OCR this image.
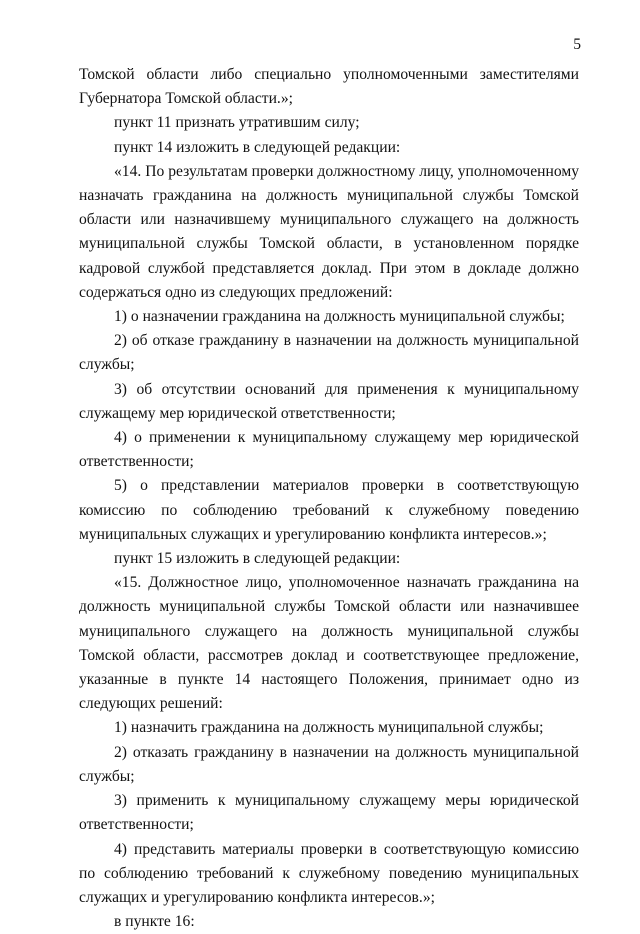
5

Томской области либо специально уполномоченными заместителями Губернатора Томской области.»;

пункт 11 признать утратившим силу;

пункт 14 изложить в следующей редакции:

«14. По результатам проверки должностному лицу, уполномоченному назначать гражданина на должность муниципальной службы Томской области или назначившему муниципального служащего на должность муниципальной службы Томской области, в установленном порядке кадровой службой представляется доклад. При этом в докладе должно содержаться одно из следующих предложений:

1) о назначении гражданина на должность муниципальной службы;

2) об отказе гражданину в назначении на должность муниципальной службы;

3) об отсутствии оснований для применения к муниципальному служащему мер юридической ответственности;

4) о применении к муниципальному служащему мер юридической ответственности;

5) о представлении материалов проверки в соответствующую комиссию по соблюдению требований к служебному поведению муниципальных служащих и урегулированию конфликта интересов.»;

пункт 15 изложить в следующей редакции:

«15. Должностное лицо, уполномоченное назначать гражданина на должность муниципальной службы Томской области или назначившее муниципального служащего на должность муниципальной службы Томской области, рассмотрев доклад и соответствующее предложение, указанные в пункте 14 настоящего Положения, принимает одно из следующих решений:

1) назначить гражданина на должность муниципальной службы;

2) отказать гражданину в назначении на должность муниципальной службы;

3) применить к муниципальному служащему меры юридической ответственности;

4) представить материалы проверки в соответствующую комиссию по соблюдению требований к служебному поведению муниципальных служащих и урегулированию конфликта интересов.»;

в пункте 16:
